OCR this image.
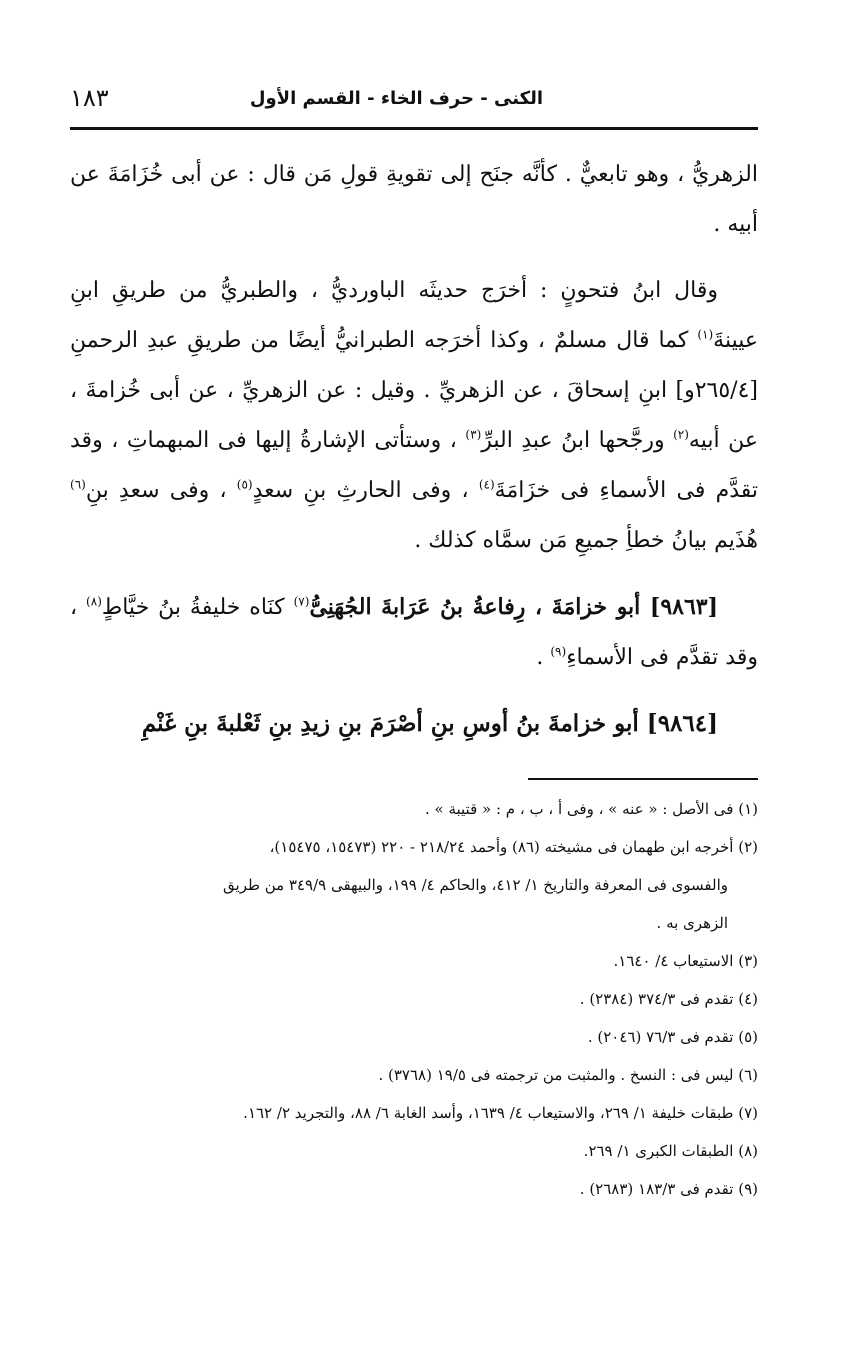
الكنى - حرف الخاء - القسم الأول
١٨٣

الزهريُّ ، وهو تابعيٌّ . كأنَّه جنَح إلى تقويةِ قولِ مَن قال : عن أبى خُزَامَةَ عن أبيه .

وقال ابنُ فتحونٍ : أخرَج حديثَه الباورديُّ ، والطبريُّ من طريقِ ابنِ عيينةَ$^{(١)}$ كما قال مسلمٌ ، وكذا أخرَجه الطبرانيُّ أيضًا من طريقِ عبدِ الرحمنِ [٢٦٥/٤و] ابنِ إسحاقَ ، عن الزهريِّ . وقيل : عن الزهريِّ ، عن أبى خُزامةَ ، عن أبيه$^{(٢)}$ ورجَّحها ابنُ عبدِ البرِّ$^{(٣)}$ ، وستأتى الإشارةُ إليها فى المبهماتِ ، وقد تقدَّم فى الأسماءِ فى خزَامَةَ$^{(٤)}$ ، وفى الحارثِ بنِ سعدٍ$^{(٥)}$ ، وفى سعدِ بنِ$^{(٦)}$ هُذَيم بيانُ خطأِ جميعِ مَن سمَّاه كذلك .

[٩٨٦٣] أبو خزامَةَ ، رِفاعةُ بنُ عَرَابةَ الجُهَنِىُّ$^{(٧)}$ كنَاه خليفةُ بنُ خيَّاطٍ$^{(٨)}$ ، وقد تقدَّم فى الأسماءِ$^{(٩)}$ .

[٩٨٦٤] أبو خزامةَ بنُ أوسِ بنِ أصْرَمَ بنِ زيدِ بنِ ثَعْلبةَ بنِ غَنْمِ

(١) فى الأصل : « عنه » ، وفى أ ، ب ، م : « قتيبة » .

(٢) أخرجه ابن طهمان فى مشيخته (٨٦) وأحمد ٢١٨/٢٤ - ٢٢٠ (١٥٤٧٣، ١٥٤٧٥)،

والفسوى فى المعرفة والتاريخ ١/ ٤١٢، والحاكم ٤/ ١٩٩، والبيهقى ٣٤٩/٩ من طريق

الزهرى به .

(٣) الاستيعاب ٤/ ١٦٤٠.

(٤) تقدم فى ٣٧٤/٣ (٢٣٨٤) .

(٥) تقدم فى ٧٦/٣ (٢٠٤٦) .

(٦) ليس فى : النسخ . والمثبت من ترجمته فى ١٩/٥ (٣٧٦٨) .

(٧) طبقات خليفة ١/ ٢٦٩، والاستيعاب ٤/ ١٦٣٩، وأسد الغابة ٦/ ٨٨، والتجريد ٢/ ١٦٢.

(٨) الطبقات الكبرى ١/ ٢٦٩.

(٩) تقدم فى ١٨٣/٣ (٢٦٨٣) .
